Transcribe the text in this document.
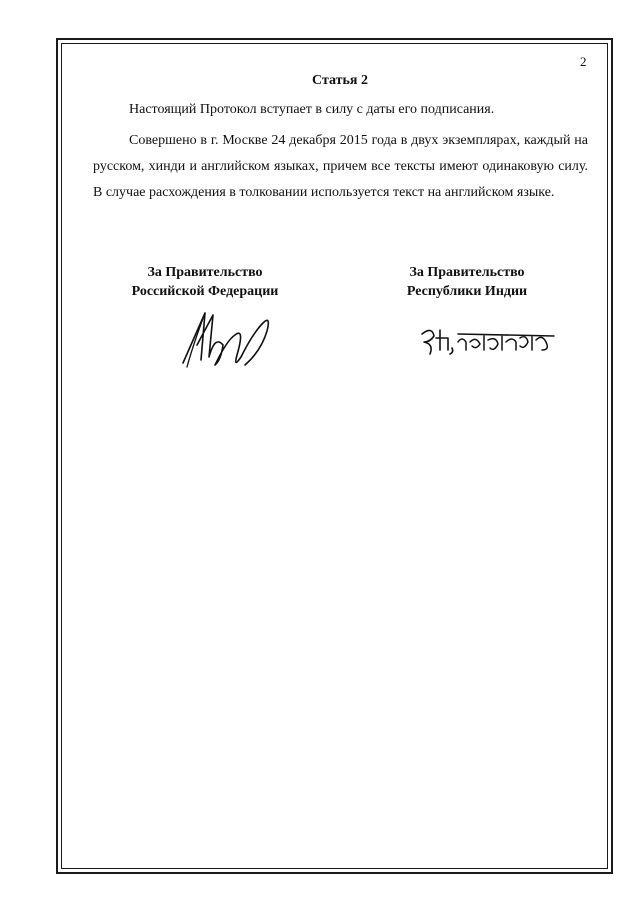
2
Статья 2

Настоящий Протокол вступает в силу с даты его подписания.

Совершено в г. Москве 24 декабря 2015 года в двух экземплярах, каждый на русском, хинди и английском языках, причем все тексты имеют одинаковую силу. В случае расхождения в толковании используется текст на английском языке.

За Правительство
Российской Федерации
За Правительство
Республики Индии
